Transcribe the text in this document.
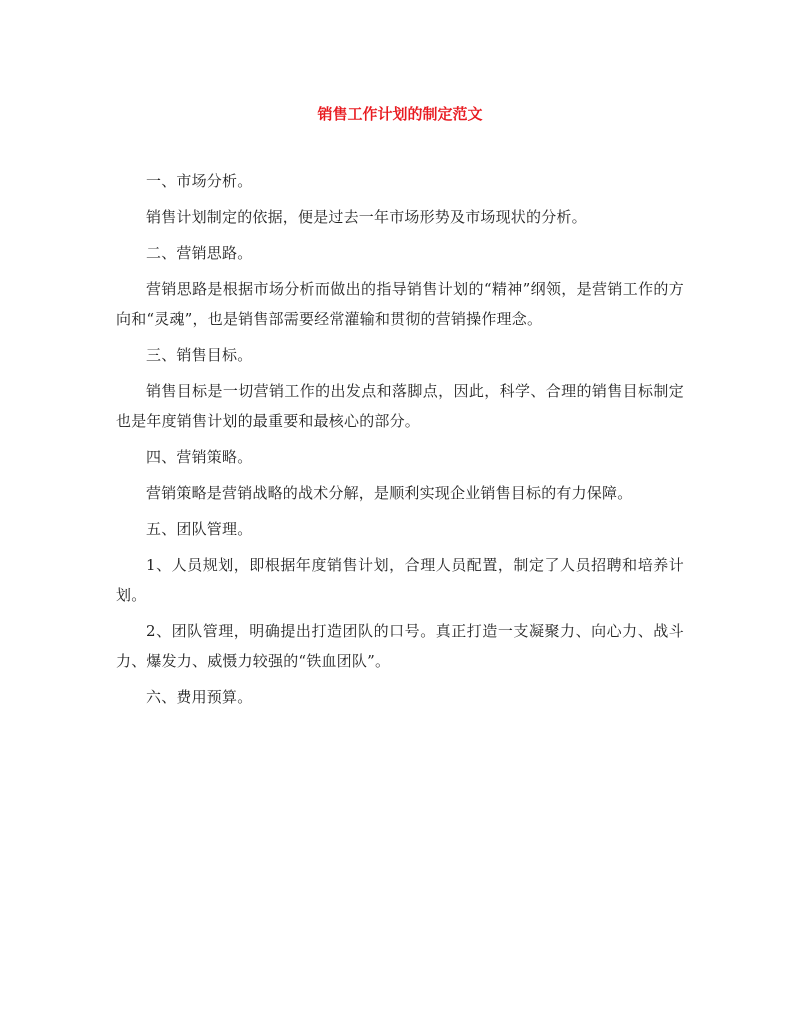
销售工作计划的制定范文

一、市场分析。

销售计划制定的依据，便是过去一年市场形势及市场现状的分析。

二、营销思路。

营销思路是根据市场分析而做出的指导销售计划的“精神”纲领，是营销工作的方向和“灵魂”，也是销售部需要经常灌输和贯彻的营销操作理念。

三、销售目标。

销售目标是一切营销工作的出发点和落脚点，因此，科学、合理的销售目标制定也是年度销售计划的最重要和最核心的部分。

四、营销策略。

营销策略是营销战略的战术分解，是顺利实现企业销售目标的有力保障。

五、团队管理。

1、人员规划，即根据年度销售计划，合理人员配置，制定了人员招聘和培养计划。

2、团队管理，明确提出打造团队的口号。真正打造一支凝聚力、向心力、战斗力、爆发力、威慑力较强的“铁血团队”。

六、费用预算。
